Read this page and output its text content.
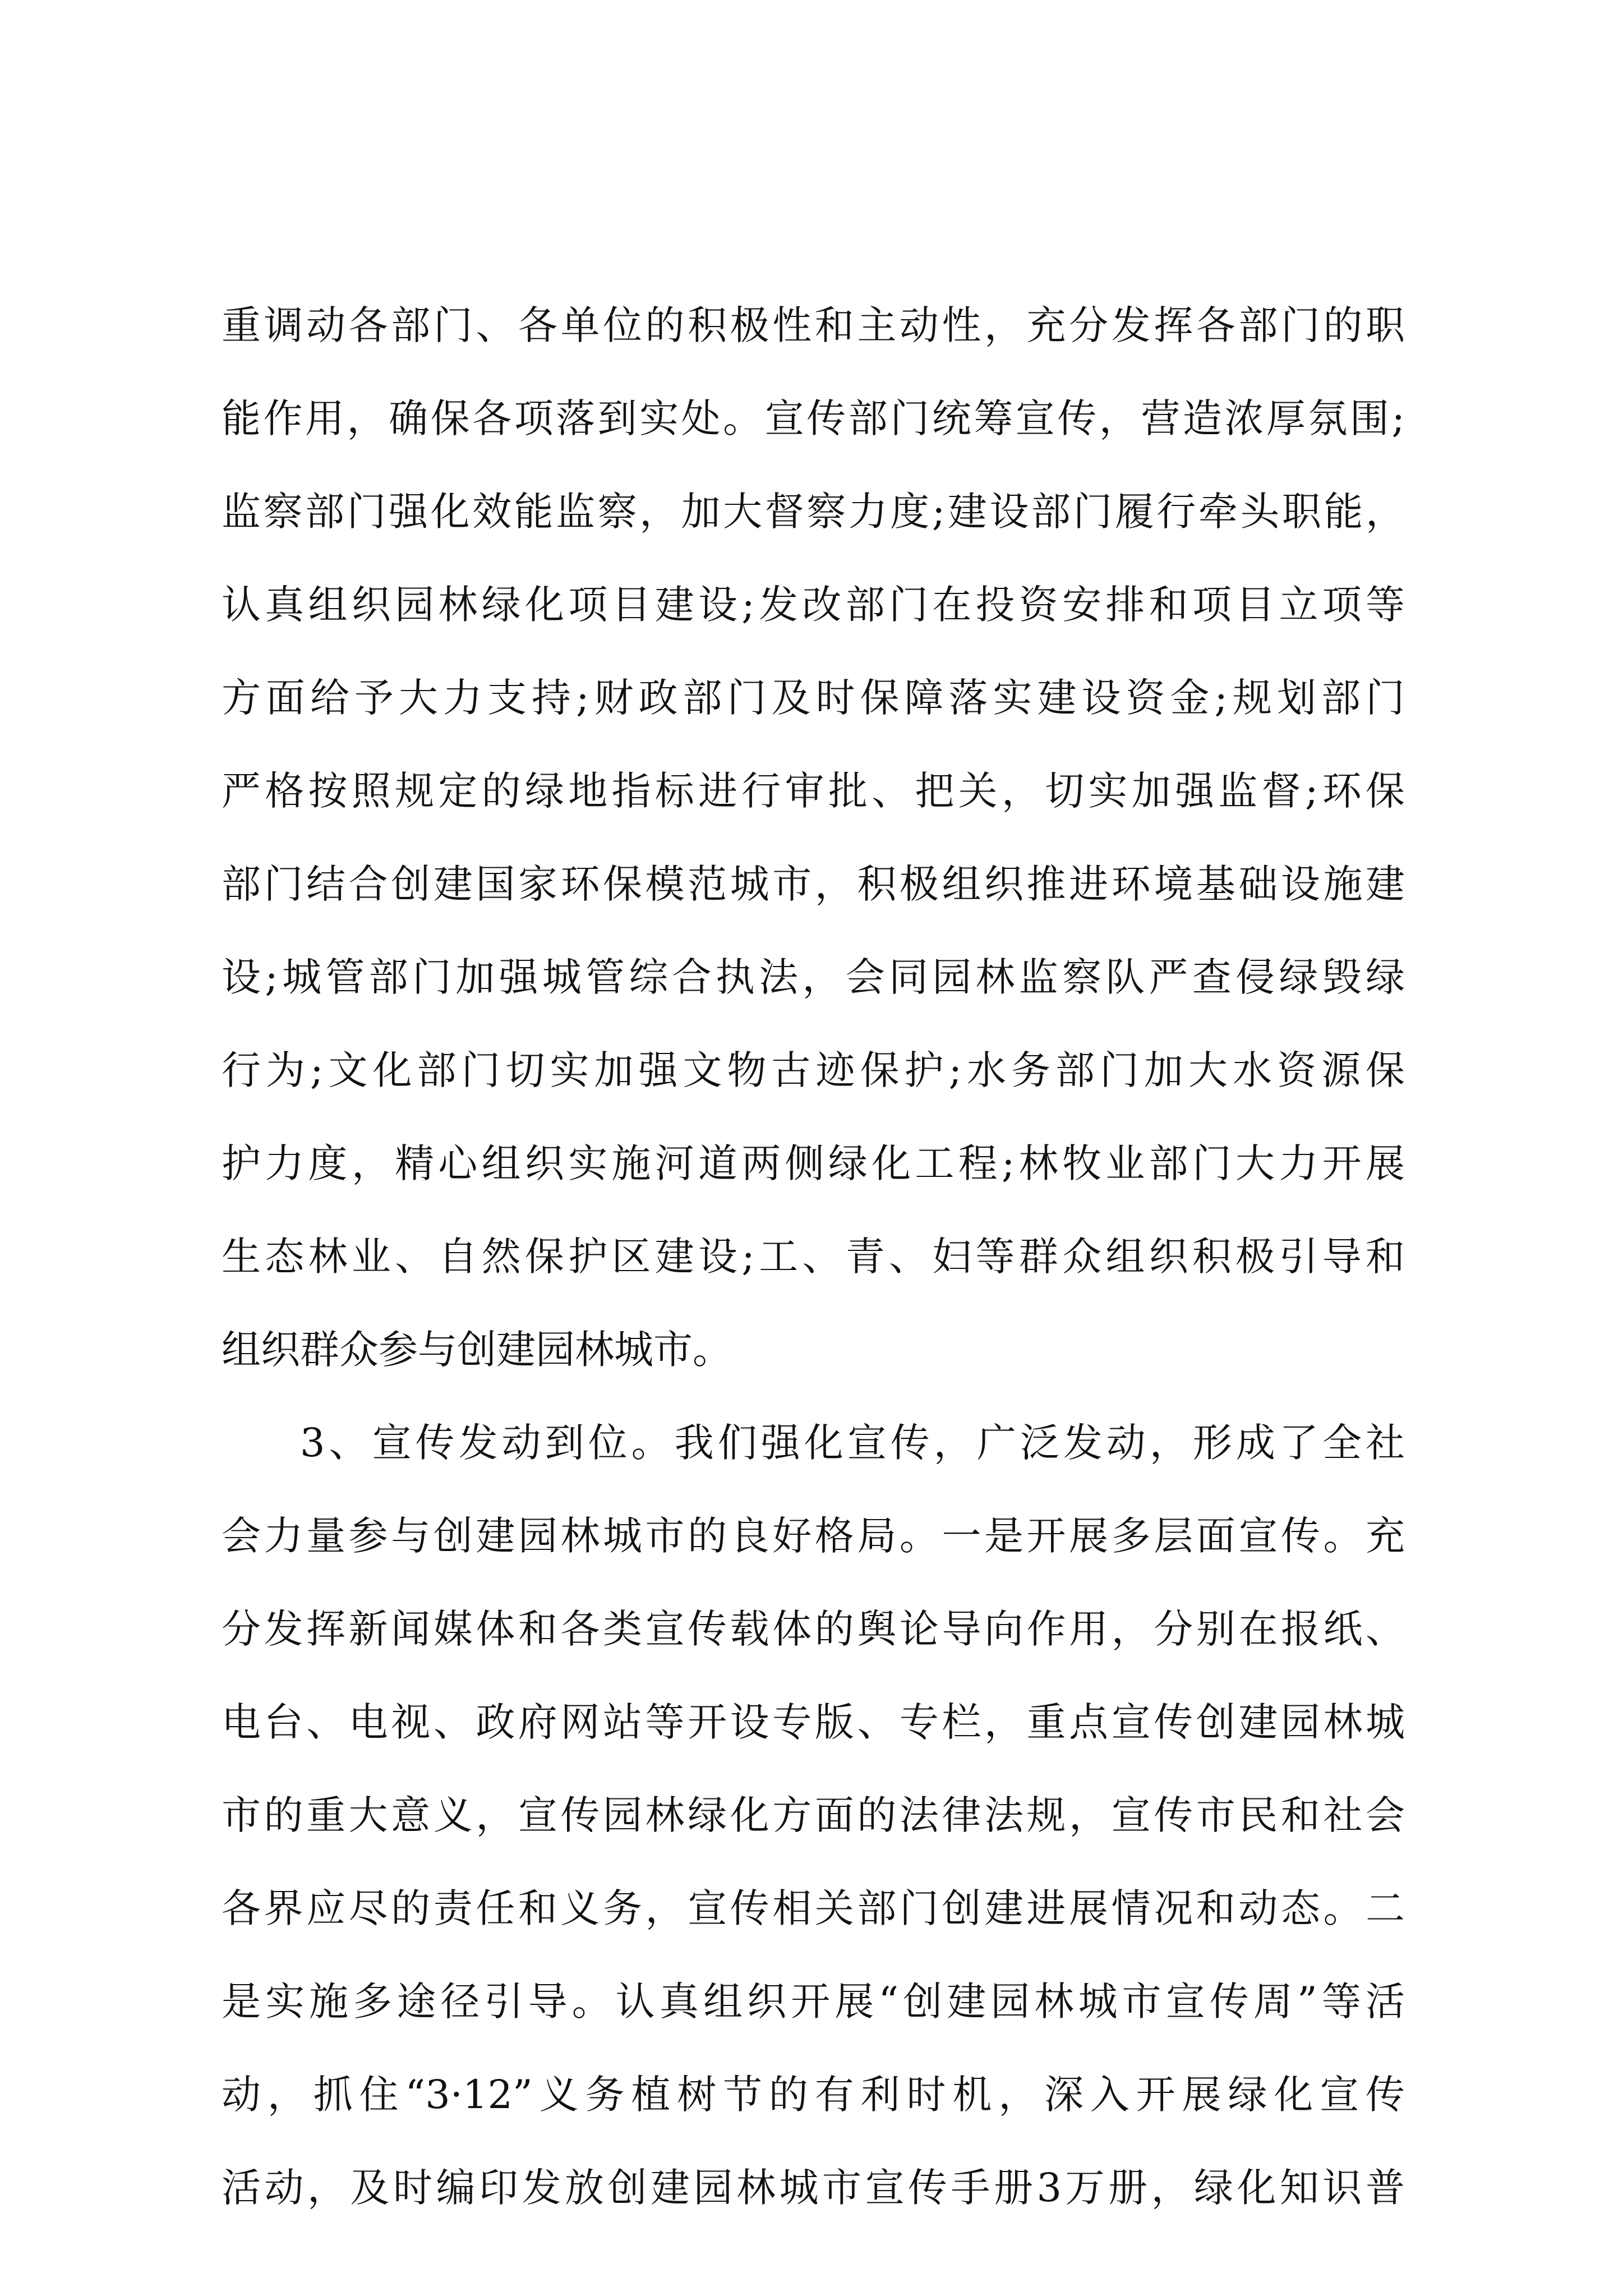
重调动各部门、各单位的积极性和主动性，充分发挥各部门的职
能作用，确保各项落到实处。宣传部门统筹宣传，营造浓厚氛围;
监察部门强化效能监察，加大督察力度;建设部门履行牵头职能，
认真组织园林绿化项目建设;发改部门在投资安排和项目立项等
方面给予大力支持;财政部门及时保障落实建设资金;规划部门
严格按照规定的绿地指标进行审批、把关，切实加强监督;环保
部门结合创建国家环保模范城市，积极组织推进环境基础设施建
设;城管部门加强城管综合执法，会同园林监察队严查侵绿毁绿
行为;文化部门切实加强文物古迹保护;水务部门加大水资源保
护力度，精心组织实施河道两侧绿化工程;林牧业部门大力开展
生态林业、自然保护区建设;工、青、妇等群众组织积极引导和
组织群众参与创建园林城市。
3、宣传发动到位。我们强化宣传，广泛发动，形成了全社
会力量参与创建园林城市的良好格局。一是开展多层面宣传。充
分发挥新闻媒体和各类宣传载体的舆论导向作用，分别在报纸、
电台、电视、政府网站等开设专版、专栏，重点宣传创建园林城
市的重大意义，宣传园林绿化方面的法律法规，宣传市民和社会
各界应尽的责任和义务，宣传相关部门创建进展情况和动态。二
是实施多途径引导。认真组织开展“创建园林城市宣传周”等活
动，抓住“3·12”义务植树节的有利时机，深入开展绿化宣传
活动，及时编印发放创建园林城市宣传手册3万册，绿化知识普
